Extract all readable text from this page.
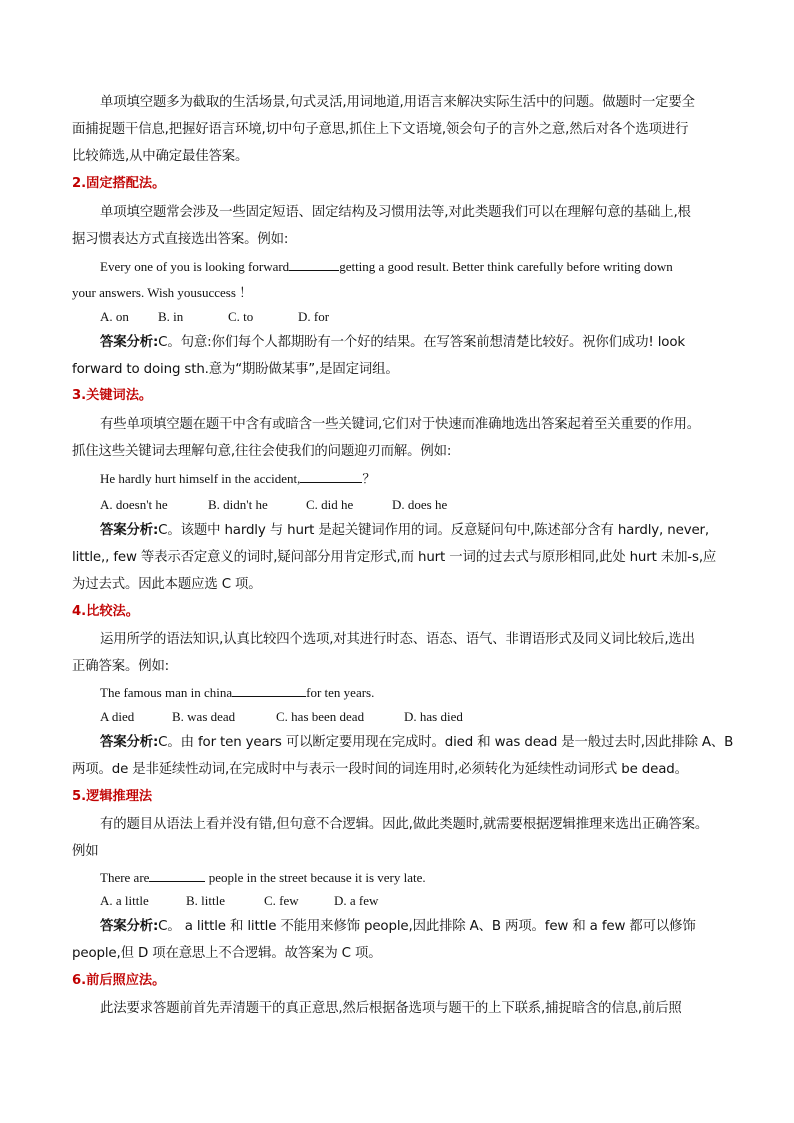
单项填空题多为截取的生活场景,句式灵活,用词地道,用语言来解决实际生活中的问题。做题时一定要全
面捕捉题干信息,把握好语言环境,切中句子意思,抓住上下文语境,领会句子的言外之意,然后对各个选项进行
比较筛选,从中确定最佳答案。
2.固定搭配法。
单项填空题常会涉及一些固定短语、固定结构及习惯用法等,对此类题我们可以在理解句意的基础上,根
据习惯表达方式直接选出答案。例如:
Every one of you is looking forward	getting a good result. Better think carefully before writing down
your answers. Wish yousuccess ！
A. on B. in	C. to	D. for
答案分析:C。句意:你们每个人都期盼有一个好的结果。在写答案前想清楚比较好。祝你们成功! look
forward to doing sth.意为“期盼做某事”,是固定词组。
3.关键词法。
有些单项填空题在题干中含有或暗含一些关键词,它们对于快速而准确地选出答案起着至关重要的作用。
抓住这些关键词去理解句意,往往会使我们的问题迎刃而解。例如:
He hardly hurt himself in the accident,	？
A. doesn't he	B. didn't he	C. did he	D. does he
答案分析:C。该题中 hardly 与 hurt 是起关键词作用的词。反意疑问句中,陈述部分含有 hardly, never,
little,, few 等表示否定意义的词时,疑问部分用肯定形式,而 hurt 一词的过去式与原形相同,此处 hurt 未加-s,应
为过去式。因此本题应选 C 项。
4.比较法。
运用所学的语法知识,认真比较四个选项,对其进行时态、语态、语气、非谓语形式及同义词比较后,选出
正确答案。例如:
The famous man in china	for ten years.
A died	B. was dead	C. has been dead	D. has died
答案分析:C。由 for ten years 可以断定要用现在完成时。died 和 was dead 是一般过去时,因此排除 A、B
两项。de 是非延续性动词,在完成时中与表示一段时间的词连用时,必须转化为延续性动词形式 be dead。
5.逻辑推理法
有的题目从语法上看并没有错,但句意不合逻辑。因此,做此类题时,就需要根据逻辑推理来选出正确答案。
例如
There are	people in the street because it is very late.
A. a little	B. little	C. few	D. a few
答案分析:C。 a little 和 little 不能用来修饰 people,因此排除 A、B 两项。few 和 a few 都可以修饰
people,但 D 项在意思上不合逻辑。故答案为 C 项。
6.前后照应法。
此法要求答题前首先弄清题干的真正意思,然后根据备选项与题干的上下联系,捕捉暗含的信息,前后照
